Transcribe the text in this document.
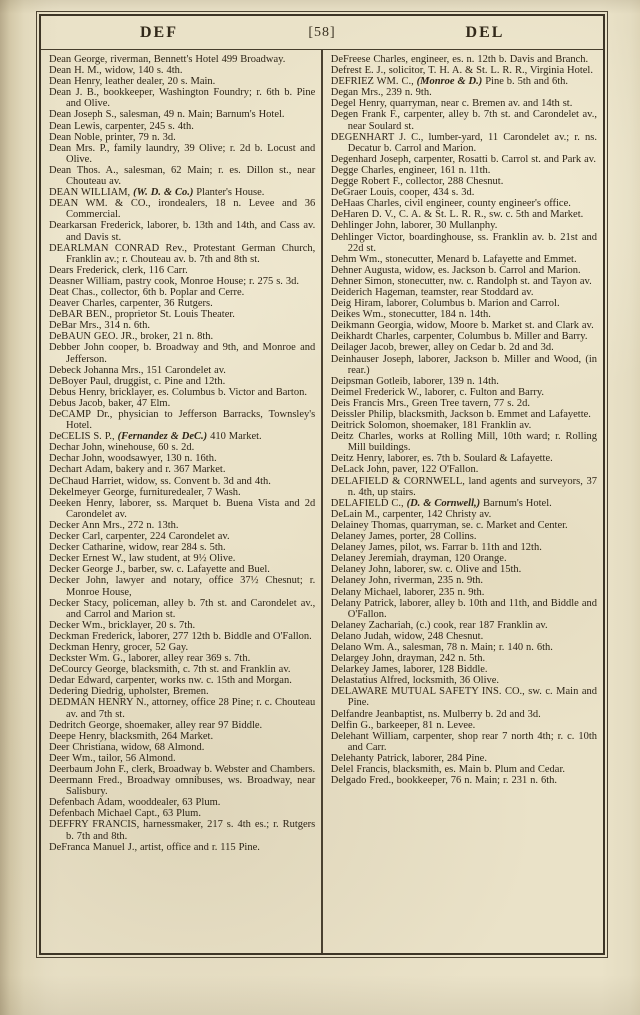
DEF	[58]	DEL
Dean George, riverman, Bennett's Hotel 499 Broadway.
Dean H. M., widow, 140 s. 4th.
Dean Henry, leather dealer, 20 s. Main.
Dean J. B., bookkeeper, Washington Foundry; r. 6th b. Pine and Olive.
Dean Joseph S., salesman, 49 n. Main; Barnum's Hotel.
Dean Lewis, carpenter, 245 s. 4th.
Dean Noble, printer, 79 n. 3d.
Dean Mrs. P., family laundry, 39 Olive; r. 2d b. Locust and Olive.
Dean Thos. A., salesman, 62 Main; r. es. Dillon st., near Chouteau av.
DEAN WILLIAM, (W. D. & Co.) Planter's House.
DEAN WM. & CO., irondealers, 18 n. Levee and 36 Commercial.
Dearkarsan Frederick, laborer, b. 13th and 14th, and Cass av. and Davis st.
DEARLMAN CONRAD Rev., Protestant German Church, Franklin av.; r. Chouteau av. b. 7th and 8th st.
Dears Frederick, clerk, 116 Carr.
Deasner William, pastry cook, Monroe House; r. 275 s. 3d.
Deat Chas., collector, 6th b. Poplar and Cerre.
Deaver Charles, carpenter, 36 Rutgers.
DeBAR BEN., proprietor St. Louis Theater.
DeBar Mrs., 314 n. 6th.
DeBAUN GEO. JR., broker, 21 n. 8th.
Debber John cooper, b. Broadway and 9th, and Monroe and Jefferson.
Debeck Johanna Mrs., 151 Carondelet av.
DeBoyer Paul, druggist, c. Pine and 12th.
Debus Henry, bricklayer, es. Columbus b. Victor and Barton.
Debus Jacob, baker, 47 Elm.
DeCAMP Dr., physician to Jefferson Barracks, Townsley's Hotel.
DeCELIS S. P., (Fernandez & DeC.) 410 Market.
Dechar John, winehouse, 60 s. 2d.
Dechar John, woodsawyer, 130 n. 16th.
Dechart Adam, bakery and r. 367 Market.
DeChaud Harriet, widow, ss. Convent b. 3d and 4th.
Dekelmeyer George, furnituredealer, 7 Wash.
Deeken Henry, laborer, ss. Marquet b. Buena Vista and 2d Carondelet av.
Decker Ann Mrs., 272 n. 13th.
Decker Carl, carpenter, 224 Carondelet av.
Decker Catharine, widow, rear 284 s. 5th.
Decker Ernest W., law student, at 9½ Olive.
Decker George J., barber, sw. c. Lafayette and Buel.
Decker John, lawyer and notary, office 37½ Chesnut; r. Monroe House,
Decker Stacy, policeman, alley b. 7th st. and Carondelet av., and Carrol and Marion st.
Decker Wm., bricklayer, 20 s. 7th.
Deckman Frederick, laborer, 277 12th b. Biddle and O'Fallon.
Deckman Henry, grocer, 52 Gay.
Deckster Wm. G., laborer, alley rear 369 s. 7th.
DeCourcy George, blacksmith, c. 7th st. and Franklin av.
Dedar Edward, carpenter, works nw. c. 15th and Morgan.
Dedering Diedrig, upholster, Bremen.
DEDMAN HENRY N., attorney, office 28 Pine; r. c. Chouteau av. and 7th st.
Dedritch George, shoemaker, alley rear 97 Biddle.
Deepe Henry, blacksmith, 264 Market.
Deer Christiana, widow, 68 Almond.
Deer Wm., tailor, 56 Almond.
Deerbaum John F., clerk, Broadway b. Webster and Chambers.
Deermann Fred., Broadway omnibuses, ws. Broadway, near Salisbury.
Defenbach Adam, wooddealer, 63 Plum.
Defenbach Michael Capt., 63 Plum.
DEFFRY FRANCIS, harnessmaker, 217 s. 4th es.; r. Rutgers b. 7th and 8th.
DeFranca Manuel J., artist, office and r. 115 Pine.
DeFreese Charles, engineer, es. n. 12th b. Davis and Branch.
Defrest E. J., solicitor, T. H. A. & St. L. R. R., Virginia Hotel.
DEFRIEZ WM. C., (Monroe & D.) Pine b. 5th and 6th.
Degan Mrs., 239 n. 9th.
Degel Henry, quarryman, near c. Bremen av. and 14th st.
Degen Frank F., carpenter, alley b. 7th st. and Carondelet av., near Soulard st.
DEGENHART J. C., lumber-yard, 11 Carondelet av.; r. ns. Decatur b. Carrol and Marion.
Degenhard Joseph, carpenter, Rosatti b. Carrol st. and Park av.
Degge Charles, engineer, 161 n. 11th.
Degge Robert F., collector, 288 Chesnut.
DeGraer Louis, cooper, 434 s. 3d.
DeHaas Charles, civil engineer, county engineer's office.
DeHaren D. V., C. A. & St. L. R. R., sw. c. 5th and Market.
Dehlinger John, laborer, 30 Mullanphy.
Dehlinger Victor, boardinghouse, ss. Franklin av. b. 21st and 22d st.
Dehm Wm., stonecutter, Menard b. Lafayette and Emmet.
Dehner Augusta, widow, es. Jackson b. Carrol and Marion.
Dehner Simon, stonecutter, nw. c. Randolph st. and Tayon av.
Deiderich Hageman, teamster, rear Stoddard av.
Deig Hiram, laborer, Columbus b. Marion and Carrol.
Deikes Wm., stonecutter, 184 n. 14th.
Deikmann Georgia, widow, Moore b. Market st. and Clark av.
Deikhardt Charles, carpenter, Columbus b. Miller and Barry.
Deilager Jacob, brewer, alley on Cedar b. 2d and 3d.
Deinhauser Joseph, laborer, Jackson b. Miller and Wood, (in rear.)
Deipsman Gotleib, laborer, 139 n. 14th.
Deimel Frederick W., laborer, c. Fulton and Barry.
Deis Francis Mrs., Green Tree tavern, 77 s. 2d.
Deissler Philip, blacksmith, Jackson b. Emmet and Lafayette.
Deitrick Solomon, shoemaker, 181 Franklin av.
Deitz Charles, works at Rolling Mill, 10th ward; r. Rolling Mill buildings.
Deitz Henry, laborer, es. 7th b. Soulard & Lafayette.
DeLack John, paver, 122 O'Fallon.
DELAFIELD & CORNWELL, land agents and surveyors, 37 n. 4th, up stairs.
DELAFIELD C., (D. & Cornwell,) Barnum's Hotel.
DeLain M., carpenter, 142 Christy av.
Delainey Thomas, quarryman, se. c. Market and Center.
Delaney James, porter, 28 Collins.
Delaney James, pilot, ws. Farrar b. 11th and 12th.
Delaney Jeremiah, drayman, 120 Orange.
Delaney John, laborer, sw. c. Olive and 15th.
Delaney John, riverman, 235 n. 9th.
Delany Michael, laborer, 235 n. 9th.
Delany Patrick, laborer, alley b. 10th and 11th, and Biddle and O'Fallon.
Delaney Zachariah, (c.) cook, rear 187 Franklin av.
Delano Judah, widow, 248 Chesnut.
Delano Wm. A., salesman, 78 n. Main; r. 140 n. 6th.
Delargey John, drayman, 242 n. 5th.
Delarkey James, laborer, 128 Biddle.
Delastatius Alfred, locksmith, 36 Olive.
DELAWARE MUTUAL SAFETY INS. CO., sw. c. Main and Pine.
Delfandre Jeanbaptist, ns. Mulberry b. 2d and 3d.
Delfin G., barkeeper, 81 n. Levee.
Delehant William, carpenter, shop rear 7 north 4th; r. c. 10th and Carr.
Delehanty Patrick, laborer, 284 Pine.
Delel Francis, blacksmith, es. Main b. Plum and Cedar.
Delgado Fred., bookkeeper, 76 n. Main; r. 231 n. 6th.
